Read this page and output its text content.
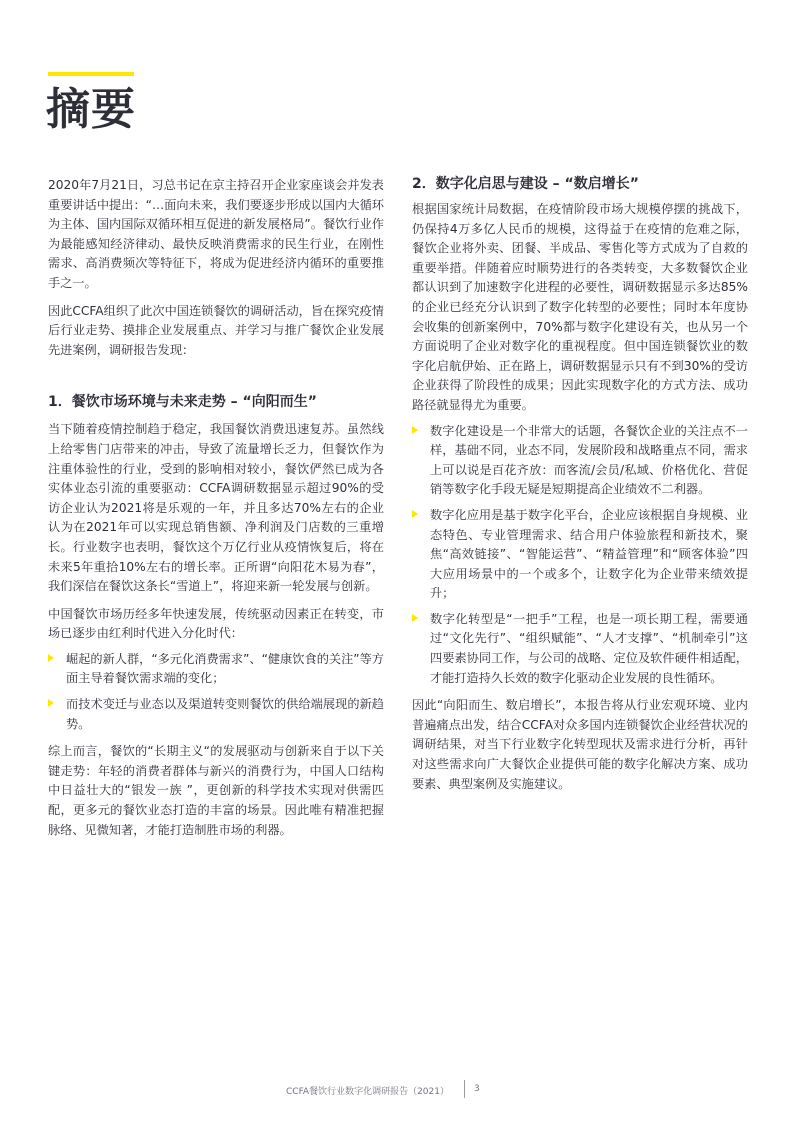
摘要

2020年7月21日，习总书记在京主持召开企业家座谈会并发表重要讲话中提出：“…面向未来，我们要逐步形成以国内大循环为主体、国内国际双循环相互促进的新发展格局”。餐饮行业作为最能感知经济律动、最快反映消费需求的民生行业，在刚性需求、高消费频次等特征下，将成为促进经济内循环的重要推手之一。

因此CCFA组织了此次中国连锁餐饮的调研活动，旨在探究疫情后行业走势、摸排企业发展重点、并学习与推广餐饮企业发展先进案例，调研报告发现：

1．餐饮市场环境与未来走势 – “向阳而生”

当下随着疫情控制趋于稳定，我国餐饮消费迅速复苏。虽然线上给零售门店带来的冲击，导致了流量增长乏力，但餐饮作为注重体验性的行业，受到的影响相对较小，餐饮俨然已成为各实体业态引流的重要驱动：CCFA调研数据显示超过90%的受访企业认为2021将是乐观的一年，并且多达70%左右的企业认为在2021年可以实现总销售额、净利润及门店数的三重增长。行业数字也表明，餐饮这个万亿行业从疫情恢复后，将在未来5年重拾10%左右的增长率。正所谓“向阳花木易为春”，我们深信在餐饮这条长“雪道上”，将迎来新一轮发展与创新。

中国餐饮市场历经多年快速发展，传统驱动因素正在转变，市场已逐步由红利时代进入分化时代：

崛起的新人群，“多元化消费需求”、“健康饮食的关注”等方面主导着餐饮需求端的变化；
而技术变迁与业态以及渠道转变则餐饮的供给端展现的新趋势。

综上而言，餐饮的“长期主义“的发展驱动与创新来自于以下关键走势：年轻的消费者群体与新兴的消费行为，中国人口结构中日益壮大的“银发一族 ”，更创新的科学技术实现对供需匹配，更多元的餐饮业态打造的丰富的场景。因此唯有精准把握脉络、见微知著，才能打造制胜市场的利器。

2．数字化启思与建设 – “数启增长”

根据国家统计局数据，在疫情阶段市场大规模停摆的挑战下，仍保持4万多亿人民币的规模，这得益于在疫情的危难之际，餐饮企业将外卖、团餐、半成品、零售化等方式成为了自救的重要举措。伴随着应时顺势进行的各类转变，大多数餐饮企业都认识到了加速数字化进程的必要性，调研数据显示多达85%的企业已经充分认识到了数字化转型的必要性；同时本年度协会收集的创新案例中，70%都与数字化建设有关，也从另一个方面说明了企业对数字化的重视程度。但中国连锁餐饮业的数字化启航伊始、正在路上，调研数据显示只有不到30%的受访企业获得了阶段性的成果；因此实现数字化的方式方法、成功路径就显得尤为重要。

数字化建设是一个非常大的话题，各餐饮企业的关注点不一样，基础不同，业态不同，发展阶段和战略重点不同，需求上可以说是百花齐放：而客流/会员/私域、价格优化、营促销等数字化手段无疑是短期提高企业绩效不二利器。
数字化应用是基于数字化平台，企业应该根据自身规模、业态特色、专业管理需求、结合用户体验旅程和新技术，聚焦“高效链接”、“智能运营”、“精益管理”和“顾客体验”四大应用场景中的一个或多个，让数字化为企业带来绩效提升；
数字化转型是“一把手”工程，也是一项长期工程，需要通过“文化先行”、“组织赋能”、“人才支撑”、“机制牵引”这四要素协同工作，与公司的战略、定位及软件硬件相适配，才能打造持久长效的数字化驱动企业发展的良性循环。

因此“向阳而生、数启增长”，本报告将从行业宏观环境、业内普遍痛点出发，结合CCFA对众多国内连锁餐饮企业经营状况的调研结果，对当下行业数字化转型现状及需求进行分析，再针对这些需求向广大餐饮企业提供可能的数字化解决方案、成功要素、典型案例及实施建议。

CCFA餐饮行业数字化调研报告（2021）	3
